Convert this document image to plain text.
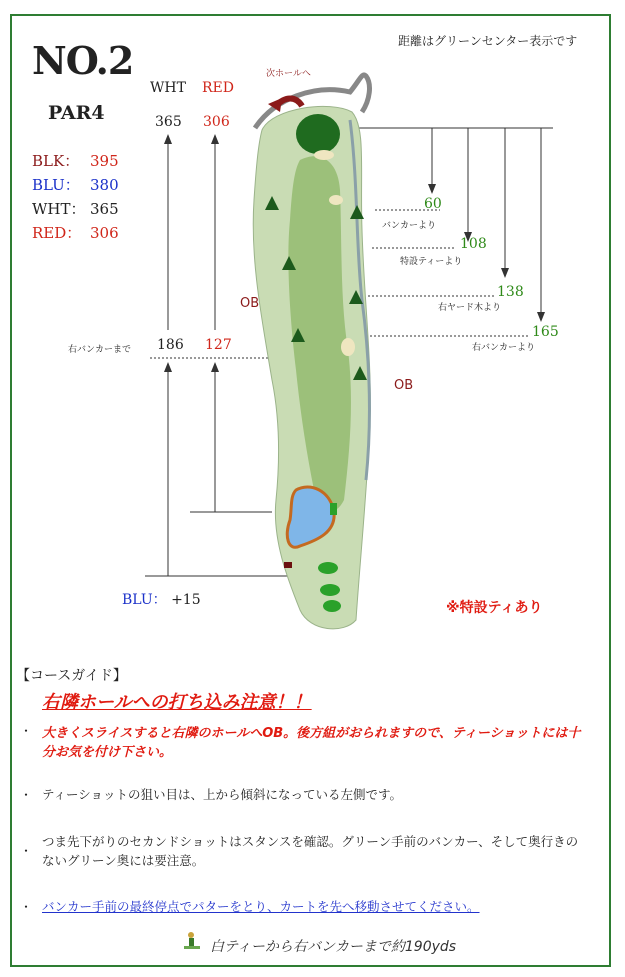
NO.2
PAR4
距離はグリーンセンター表示です
BLK： 395
BLU： 380
WHT： 365
RED： 306
WHT RED
365 306
右バンカーまで 186 127
BLU： +15
次ホールへ
OB
OB
60
バンカーより
108
特設ティーより
138
右ヤード木より
165
右バンカーより
※特設ティあり
【コースガイド】
右隣ホールへの打ち込み注意！！
・ 大きくスライスすると右隣のホールへOB。後方組がおられますので、ティーショットには十分お気を付け下さい。
・ ティーショットの狙い目は、上から傾斜になっている左側です。
・
つま先下がりのセカンドショットはスタンスを確認。グリーン手前のバンカー、そして奥行きのないグリーン奥には要注意。
・ バンカー手前の最終停点でパターをとり、カートを先へ移動させてください。
白ティーから右バンカーまで約190yds
